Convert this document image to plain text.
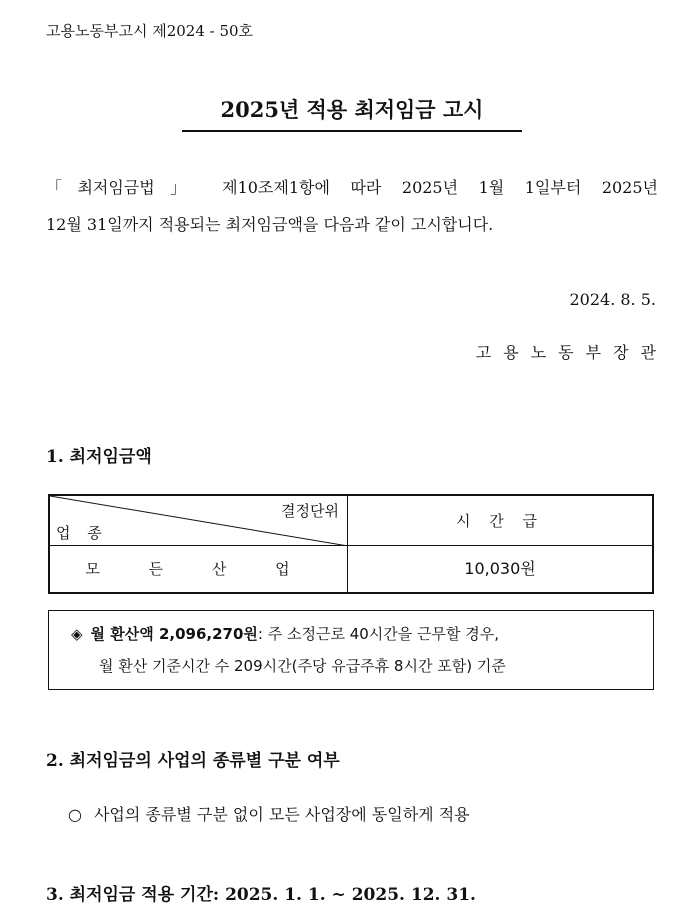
고용노동부고시 제2024 - 50호
2025년 적용 최저임금 고시
「최저임금법」 제10조제1항에 따라 2025년 1월 1일부터 2025년
12월 31일까지 적용되는 최저임금액을 다음과 같이 고시합니다.
2024. 8. 5.
고용노동부장관
1. 최저임금액
결정단위
업 종
시 간 급
모 든 산 업	10,030원
◈ 월 환산액 2,096,270원: 주 소정근로 40시간을 근무할 경우,
월 환산 기준시간 수 209시간(주당 유급주휴 8시간 포함) 기준
2. 최저임금의 사업의 종류별 구분 여부
○ 사업의 종류별 구분 없이 모든 사업장에 동일하게 적용
3. 최저임금 적용 기간: 2025. 1. 1. ~ 2025. 12. 31.
